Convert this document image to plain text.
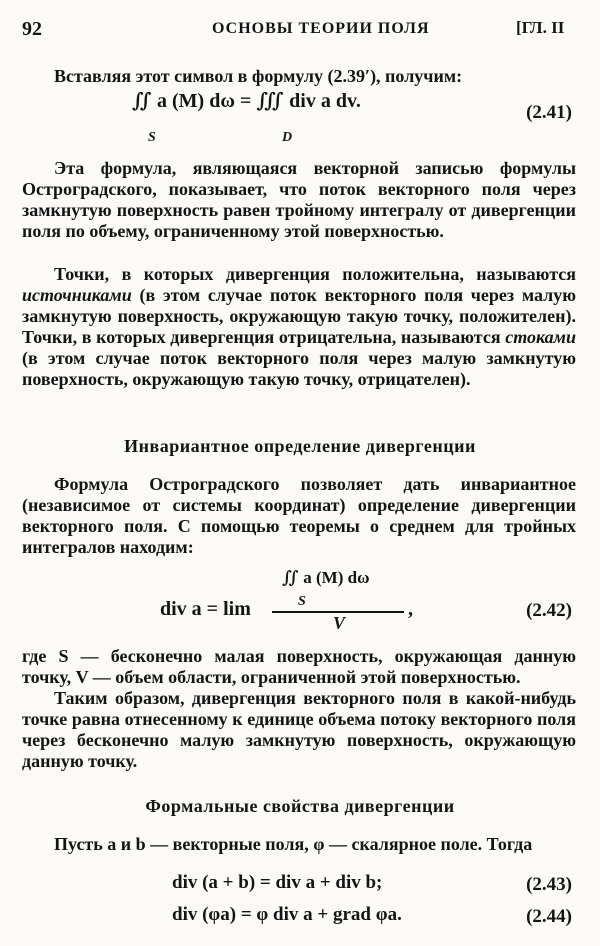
92	ОСНОВЫ ТЕОРИИ ПОЛЯ	[ГЛ. II
Вставляя этот символ в формулу (2.39′), получим:
∬ a (M) dω = ∭ div a dv.
S	D
(2.41)
Эта формула, являющаяся векторной записью формулы Остроградского, показывает, что поток векторного поля через замкнутую поверхность равен тройному интегралу от дивергенции поля по объему, ограниченному этой поверхностью.
Точки, в которых дивергенция положительна, называются источниками (в этом случае поток векторного поля через малую замкнутую поверхность, окружающую такую точку, положителен). Точки, в которых дивергенция отрицательна, называются стоками (в этом случае поток векторного поля через малую замкнутую поверхность, окружающую такую точку, отрицателен).
Инвариантное определение дивергенции
Формула Остроградского позволяет дать инвариантное (независимое от системы координат) определение дивергенции векторного поля. С помощью теоремы о среднем для тройных интегралов находим:
∬ a (M) dω
S
V
div a = lim	,	(2.42)
где S — бесконечно малая поверхность, окружающая данную точку, V — объем области, ограниченной этой поверхностью.
Таким образом, дивергенция векторного поля в какой-нибудь точке равна отнесенному к единице объема потоку векторного поля через бесконечно малую замкнутую поверхность, окружающую данную точку.
Формальные свойства дивергенции
Пусть a и b — векторные поля, φ — скалярное поле. Тогда
div (a + b) = div a + div b;	(2.43)
div (φa) = φ div a + grad φa.	(2.44)
